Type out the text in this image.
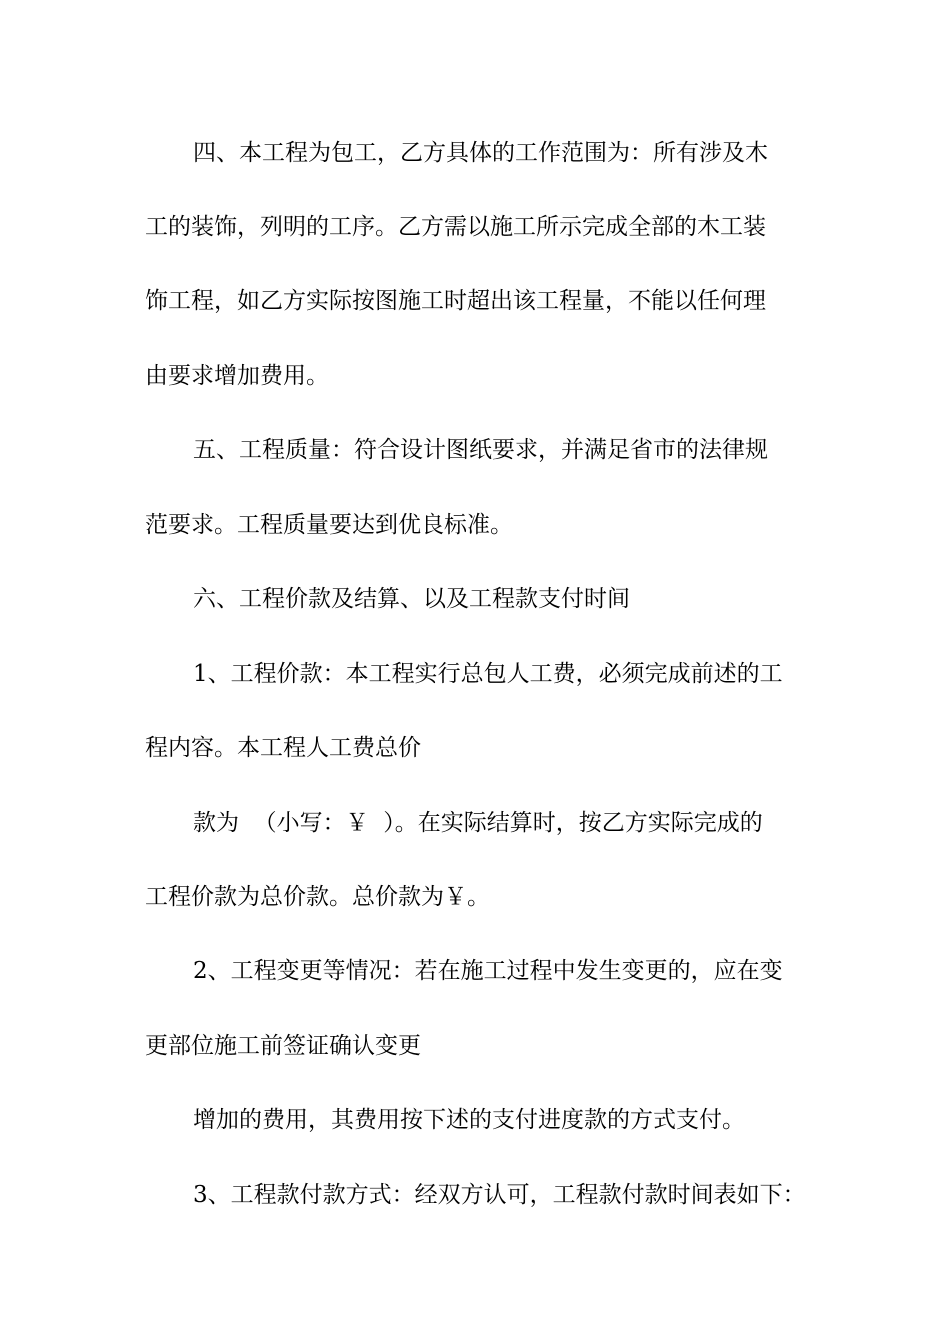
四、本工程为包工，乙方具体的工作范围为：所有涉及木

工的装饰，列明的工序。乙方需以施工所示完成全部的木工装

饰工程，如乙方实际按图施工时超出该工程量，不能以任何理

由要求增加费用。

五、工程质量：符合设计图纸要求，并满足省市的法律规

范要求。工程质量要达到优良标准。

六、工程价款及结算、以及工程款支付时间

1、工程价款：本工程实行总包人工费，必须完成前述的工

程内容。本工程人工费总价

款为  （小写：￥  ）。在实际结算时，按乙方实际完成的

工程价款为总价款。总价款为￥。

2、工程变更等情况：若在施工过程中发生变更的，应在变

更部位施工前签证确认变更

增加的费用，其费用按下述的支付进度款的方式支付。

3、工程款付款方式：经双方认可，工程款付款时间表如下：
